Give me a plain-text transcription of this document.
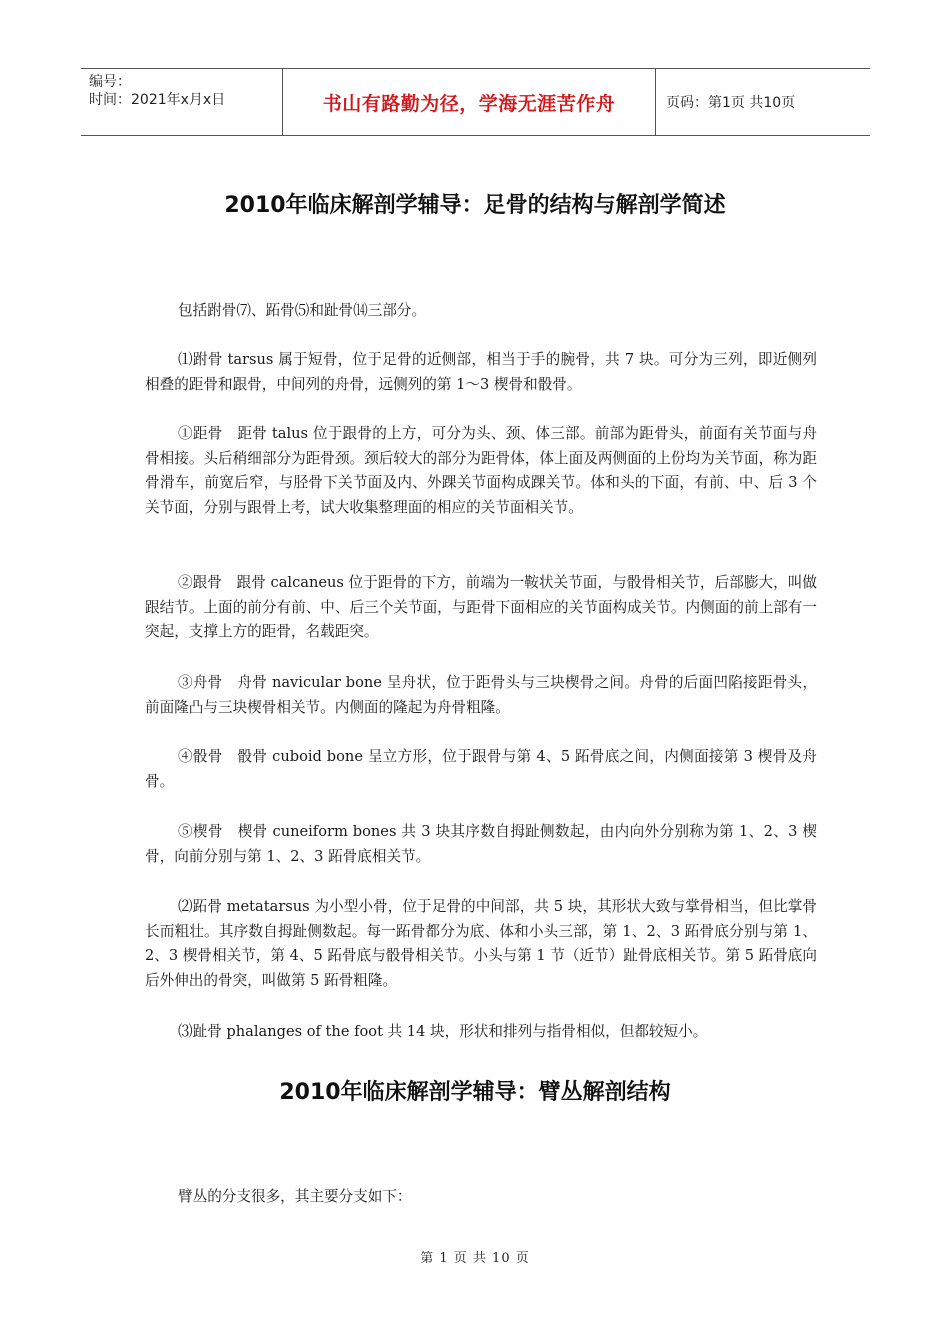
编号：
时间：2021年x月x日	书山有路勤为径，学海无涯苦作舟	页码：第1页 共10页
2010年临床解剖学辅导：足骨的结构与解剖学简述

包括跗骨⑺、跖骨⑸和趾骨⒁三部分。

⑴跗骨 tarsus 属于短骨，位于足骨的近侧部，相当于手的腕骨，共 7 块。可分为三列，即近侧列相叠的距骨和跟骨，中间列的舟骨，远侧列的第 1～3 楔骨和骰骨。

①距骨　距骨 talus 位于跟骨的上方，可分为头、颈、体三部。前部为距骨头，前面有关节面与舟骨相接。头后稍细部分为距骨颈。颈后较大的部分为距骨体，体上面及两侧面的上份均为关节面，称为距骨滑车，前宽后窄，与胫骨下关节面及内、外踝关节面构成踝关节。体和头的下面，有前、中、后 3 个关节面，分别与跟骨上考，试大收集整理面的相应的关节面相关节。

②跟骨　跟骨 calcaneus 位于距骨的下方，前端为一鞍状关节面，与骰骨相关节，后部膨大，叫做跟结节。上面的前分有前、中、后三个关节面，与距骨下面相应的关节面构成关节。内侧面的前上部有一突起，支撑上方的距骨，名载距突。

③舟骨　舟骨 navicular bone 呈舟状，位于距骨头与三块楔骨之间。舟骨的后面凹陷接距骨头，前面隆凸与三块楔骨相关节。内侧面的隆起为舟骨粗隆。

④骰骨　骰骨 cuboid bone 呈立方形，位于跟骨与第 4、5 跖骨底之间，内侧面接第 3 楔骨及舟骨。

⑤楔骨　楔骨 cuneiform bones 共 3 块其序数自拇趾侧数起，由内向外分别称为第 1、2、3 楔骨，向前分别与第 1、2、3 跖骨底相关节。

⑵跖骨 metatarsus 为小型小骨，位于足骨的中间部，共 5 块，其形状大致与掌骨相当，但比掌骨长而粗壮。其序数自拇趾侧数起。每一跖骨都分为底、体和小头三部，第 1、2、3 跖骨底分别与第 1、2、3 楔骨相关节，第 4、5 跖骨底与骰骨相关节。小头与第 1 节（近节）趾骨底相关节。第 5 跖骨底向后外伸出的骨突，叫做第 5 跖骨粗隆。

⑶趾骨 phalanges of the foot 共 14 块，形状和排列与指骨相似，但都较短小。

2010年临床解剖学辅导：臂丛解剖结构

臂丛的分支很多，其主要分支如下：

第 1 页 共 10 页
